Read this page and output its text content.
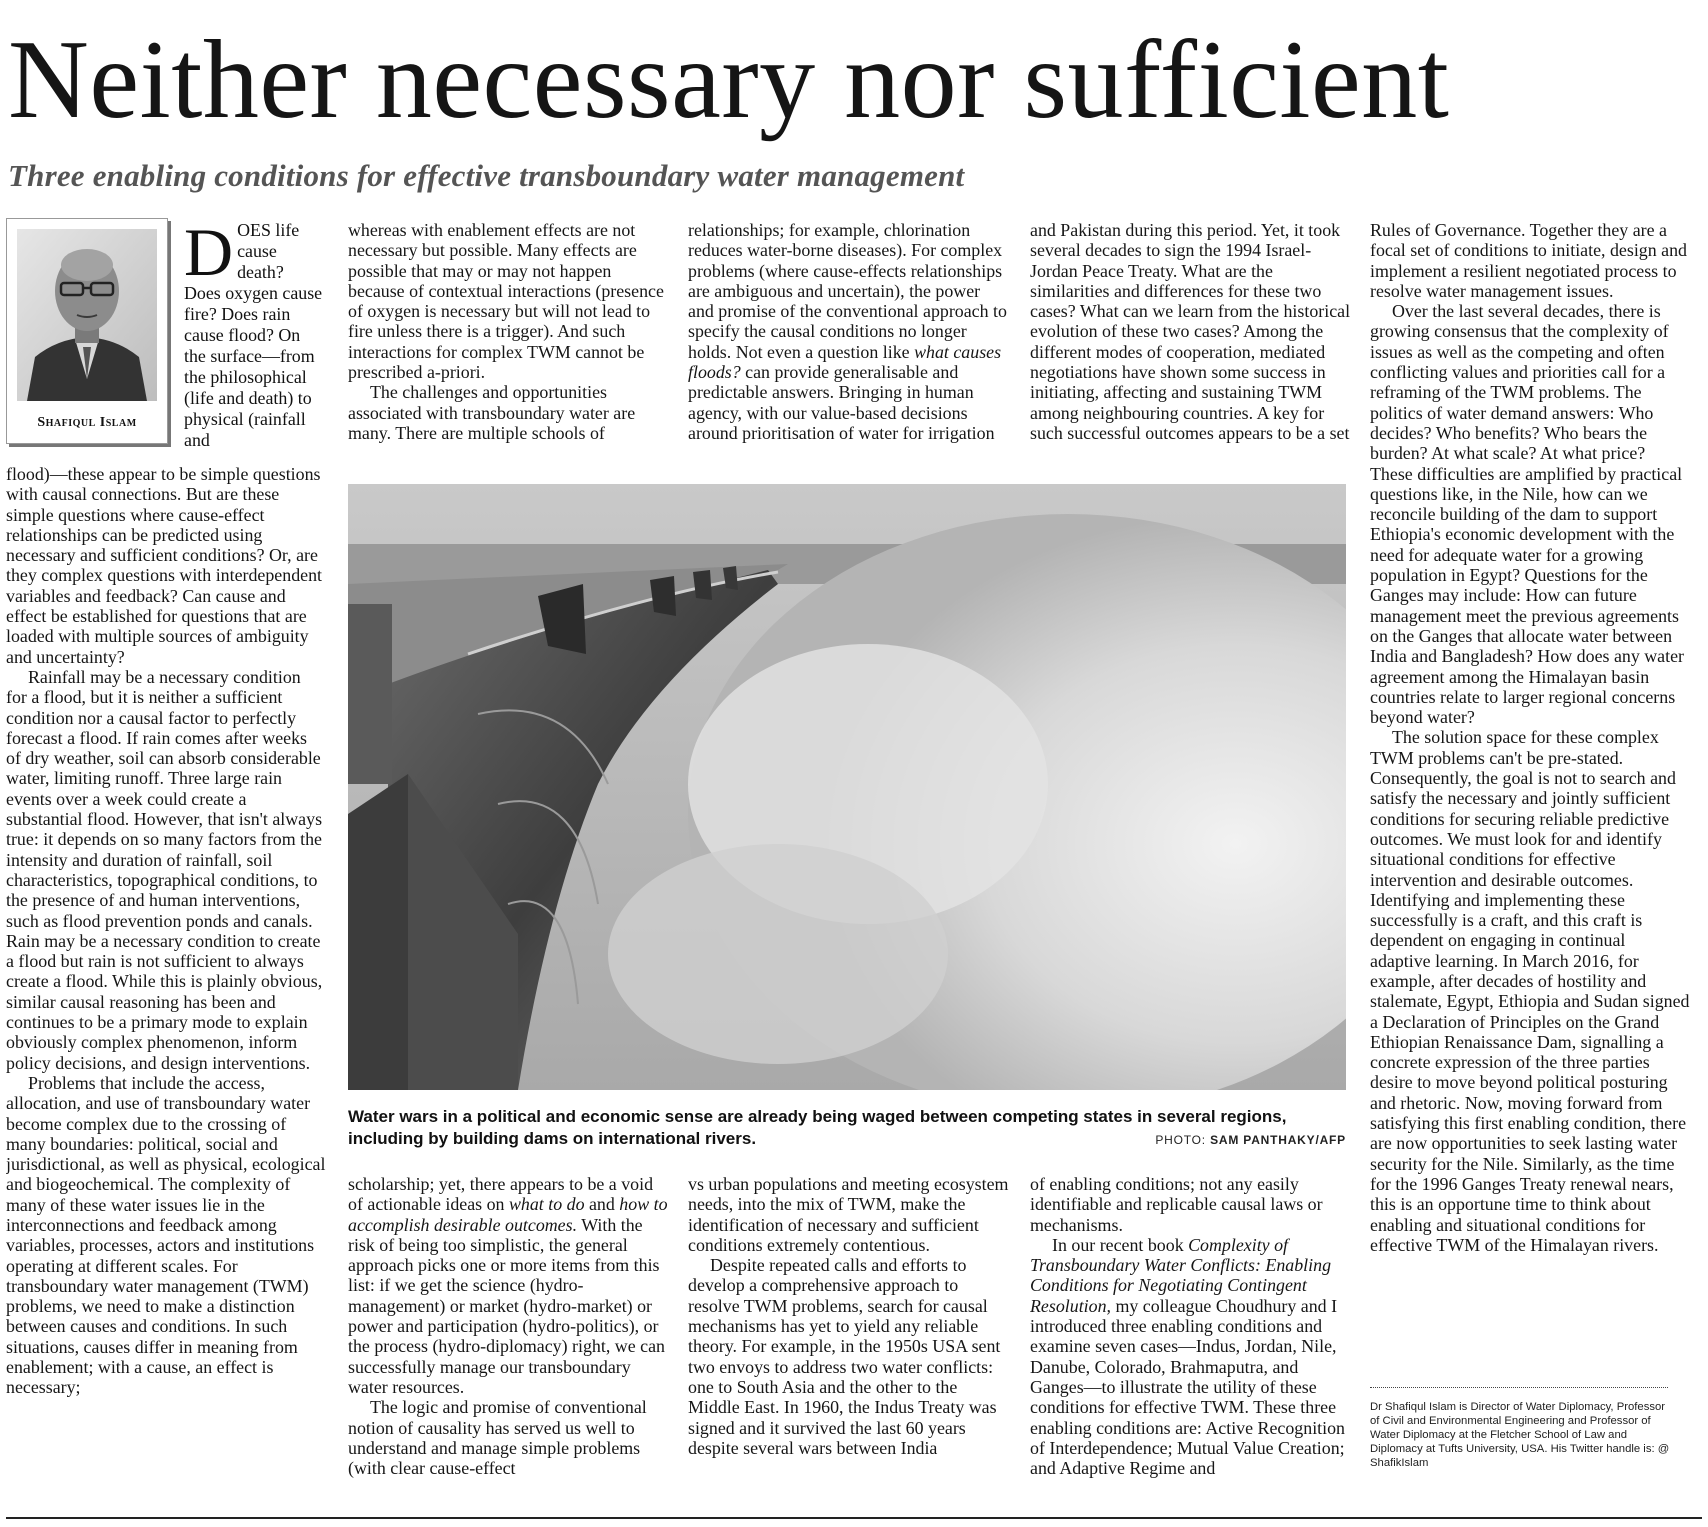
Neither necessary nor sufficient
Three enabling conditions for effective transboundary water management
Shafiqul Islam
D OES life cause death? Does oxygen cause fire? Does rain cause flood? On the surface—from the philosophical (life and death) to physical (rainfall and

flood)—these appear to be simple questions with causal connections. But are these simple questions where cause-effect relationships can be predicted using necessary and sufficient conditions? Or, are they complex questions with interdependent variables and feedback? Can cause and effect be established for questions that are loaded with multiple sources of ambiguity and uncertainty?

Rainfall may be a necessary condition for a flood, but it is neither a sufficient condition nor a causal factor to perfectly forecast a flood. If rain comes after weeks of dry weather, soil can absorb considerable water, limiting runoff. Three large rain events over a week could create a substantial flood. However, that isn't always true: it depends on so many factors from the intensity and duration of rainfall, soil characteristics, topographical conditions, to the presence of and human interventions, such as flood prevention ponds and canals. Rain may be a necessary condition to create a flood but rain is not sufficient to always create a flood. While this is plainly obvious, similar causal reasoning has been and continues to be a primary mode to explain obviously complex phenomenon, inform policy decisions, and design interventions.

Problems that include the access, allocation, and use of transboundary water become complex due to the crossing of many boundaries: political, social and jurisdictional, as well as physical, ecological and biogeochemical. The complexity of many of these water issues lie in the interconnections and feedback among variables, processes, actors and institutions operating at different scales. For transboundary water management (TWM) problems, we need to make a distinction between causes and conditions. In such situations, causes differ in meaning from enablement; with a cause, an effect is necessary;

whereas with enablement effects are not necessary but possible. Many effects are possible that may or may not happen because of contextual interactions (presence of oxygen is necessary but will not lead to fire unless there is a trigger). And such interactions for complex TWM cannot be prescribed a-priori.

The challenges and opportunities associated with transboundary water are many. There are multiple schools of

relationships; for example, chlorination reduces water-borne diseases). For complex problems (where cause-effects relationships are ambiguous and uncertain), the power and promise of the conventional approach to specify the causal conditions no longer holds. Not even a question like what causes floods? can provide generalisable and predictable answers. Bringing in human agency, with our value-based decisions around prioritisation of water for irrigation

and Pakistan during this period. Yet, it took several decades to sign the 1994 Israel-Jordan Peace Treaty. What are the similarities and differences for these two cases? What can we learn from the historical evolution of these two cases? Among the different modes of cooperation, mediated negotiations have shown some success in initiating, affecting and sustaining TWM among neighbouring countries. A key for such successful outcomes appears to be a set

Water wars in a political and economic sense are already being waged between competing states in several regions, including by building dams on international rivers.	PHOTO: SAM PANTHAKY/AFP

scholarship; yet, there appears to be a void of actionable ideas on what to do and how to accomplish desirable outcomes. With the risk of being too simplistic, the general approach picks one or more items from this list: if we get the science (hydro-management) or market (hydro-market) or power and participation (hydro-politics), or the process (hydro-diplomacy) right, we can successfully manage our transboundary water resources.

The logic and promise of conventional notion of causality has served us well to understand and manage simple problems (with clear cause-effect

vs urban populations and meeting ecosystem needs, into the mix of TWM, make the identification of necessary and sufficient conditions extremely contentious.

Despite repeated calls and efforts to develop a comprehensive approach to resolve TWM problems, search for causal mechanisms has yet to yield any reliable theory. For example, in the 1950s USA sent two envoys to address two water conflicts: one to South Asia and the other to the Middle East. In 1960, the Indus Treaty was signed and it survived the last 60 years despite several wars between India

of enabling conditions; not any easily identifiable and replicable causal laws or mechanisms.

In our recent book Complexity of Transboundary Water Conflicts: Enabling Conditions for Negotiating Contingent Resolution, my colleague Choudhury and I introduced three enabling conditions and examine seven cases—Indus, Jordan, Nile, Danube, Colorado, Brahmaputra, and Ganges—to illustrate the utility of these conditions for effective TWM. These three enabling conditions are: Active Recognition of Interdependence; Mutual Value Creation; and Adaptive Regime and

Rules of Governance. Together they are a focal set of conditions to initiate, design and implement a resilient negotiated process to resolve water management issues.

Over the last several decades, there is growing consensus that the complexity of issues as well as the competing and often conflicting values and priorities call for a reframing of the TWM problems. The politics of water demand answers: Who decides? Who benefits? Who bears the burden? At what scale? At what price? These difficulties are amplified by practical questions like, in the Nile, how can we reconcile building of the dam to support Ethiopia's economic development with the need for adequate water for a growing population in Egypt? Questions for the Ganges may include: How can future management meet the previous agreements on the Ganges that allocate water between India and Bangladesh? How does any water agreement among the Himalayan basin countries relate to larger regional concerns beyond water?

The solution space for these complex TWM problems can't be pre-stated. Consequently, the goal is not to search and satisfy the necessary and jointly sufficient conditions for securing reliable predictive outcomes. We must look for and identify situational conditions for effective intervention and desirable outcomes. Identifying and implementing these successfully is a craft, and this craft is dependent on engaging in continual adaptive learning. In March 2016, for example, after decades of hostility and stalemate, Egypt, Ethiopia and Sudan signed a Declaration of Principles on the Grand Ethiopian Renaissance Dam, signalling a concrete expression of the three parties desire to move beyond political posturing and rhetoric. Now, moving forward from satisfying this first enabling condition, there are now opportunities to seek lasting water security for the Nile. Similarly, as the time for the 1996 Ganges Treaty renewal nears, this is an opportune time to think about enabling and situational conditions for effective TWM of the Himalayan rivers.

Dr Shafiqul Islam is Director of Water Diplomacy, Professor of Civil and Environmental Engineering and Professor of Water Diplomacy at the Fletcher School of Law and Diplomacy at Tufts University, USA. His Twitter handle is: @ ShafikIslam
